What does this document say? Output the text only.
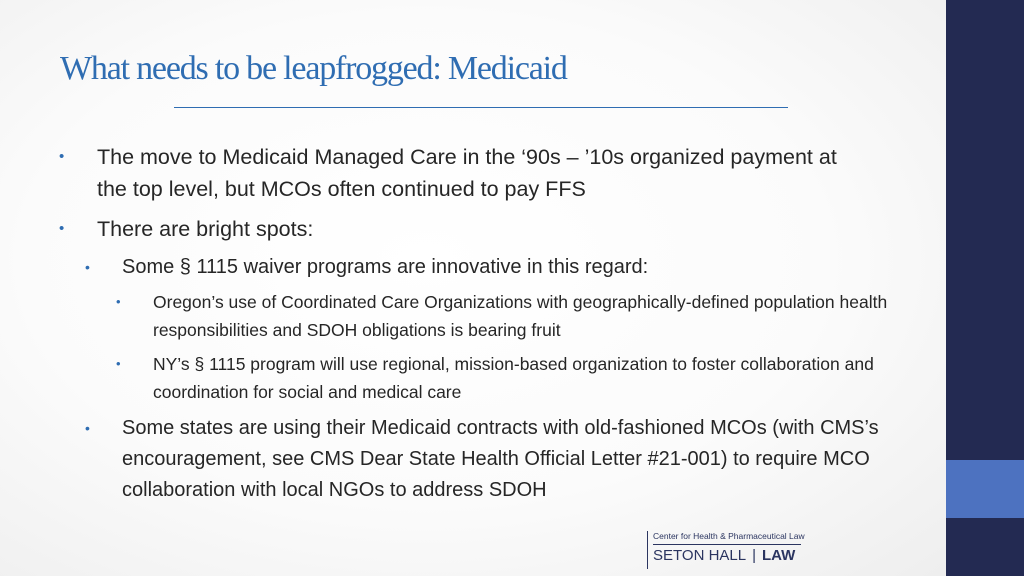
What needs to be leapfrogged: Medicaid

• The move to Medicaid Managed Care in the ‘90s – ’10s organized payment at the top level, but MCOs often continued to pay FFS

• There are bright spots:

• Some § 1115 waiver programs are innovative in this regard:

• Oregon’s use of Coordinated Care Organizations with geographically-defined population health responsibilities and SDOH obligations is bearing fruit

• NY’s § 1115 program will use regional, mission-based organization to foster collaboration and coordination for social and medical care

• Some states are using their Medicaid contracts with old-fashioned MCOs (with CMS’s encouragement, see CMS Dear State Health Official Letter #21-001) to require MCO collaboration with local NGOs to address SDOH

Center for Health & Pharmaceutical Law
SETON HALL | LAW
